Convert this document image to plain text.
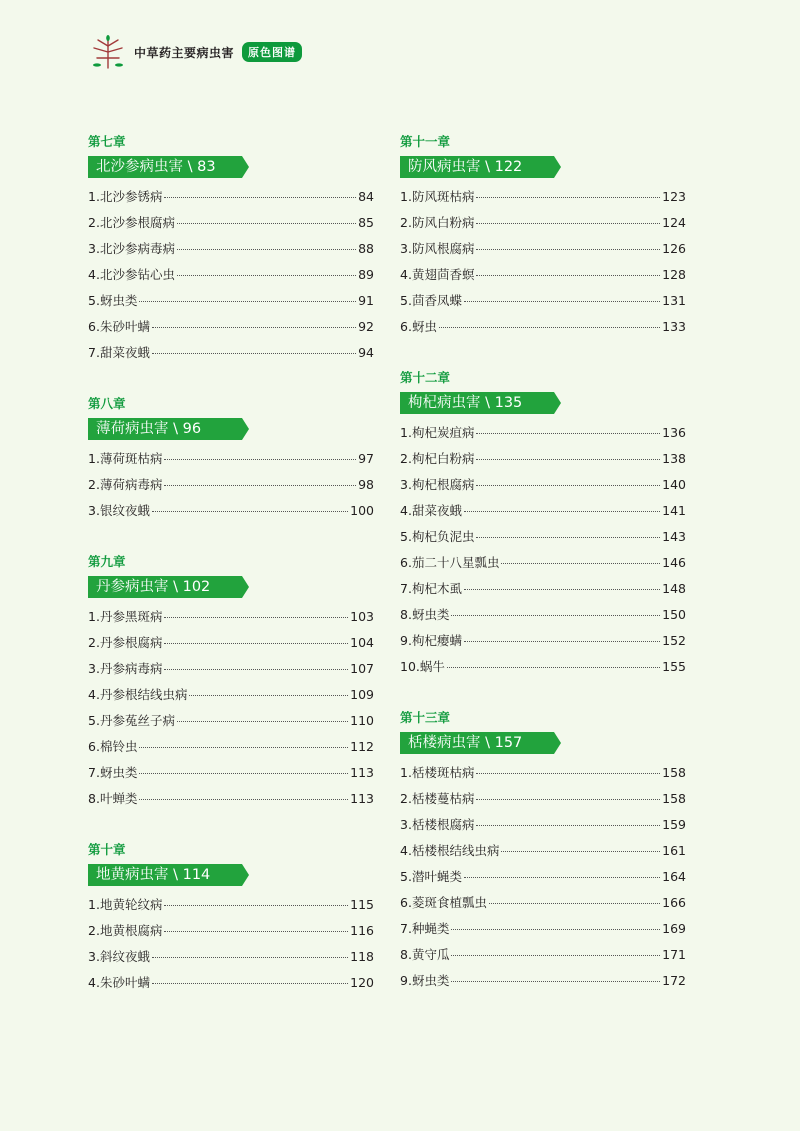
中草药主要病虫害	原色图谱
第七章
北沙参病虫害 \ 83
1. 北沙参锈病	84
2. 北沙参根腐病	85
3. 北沙参病毒病	88
4. 北沙参钻心虫	89
5. 蚜虫类	91
6. 朱砂叶螨	92
7. 甜菜夜蛾	94
第八章
薄荷病虫害 \ 96
1. 薄荷斑枯病	97
2. 薄荷病毒病	98
3. 银纹夜蛾	100
第九章
丹参病虫害 \ 102
1. 丹参黑斑病	103
2. 丹参根腐病	104
3. 丹参病毒病	107
4. 丹参根结线虫病	109
5. 丹参菟丝子病	110
6. 棉铃虫	112
7. 蚜虫类	113
8. 叶蝉类	113
第十章
地黄病虫害 \ 114
1. 地黄轮纹病	115
2. 地黄根腐病	116
3. 斜纹夜蛾	118
4. 朱砂叶螨	120
第十一章
防风病虫害 \ 122
1. 防风斑枯病	123
2. 防风白粉病	124
3. 防风根腐病	126
4. 黄翅茴香螟	128
5. 茴香凤蝶	131
6. 蚜虫	133
第十二章
枸杞病虫害 \ 135
1. 枸杞炭疽病	136
2. 枸杞白粉病	138
3. 枸杞根腐病	140
4. 甜菜夜蛾	141
5. 枸杞负泥虫	143
6. 茄二十八星瓢虫	146
7. 枸杞木虱	148
8. 蚜虫类	150
9. 枸杞瘿螨	152
10. 蜗牛	155
第十三章
栝楼病虫害 \ 157
1. 栝楼斑枯病	158
2. 栝楼蔓枯病	158
3. 栝楼根腐病	159
4. 栝楼根结线虫病	161
5. 潜叶蝇类	164
6. 菱斑食植瓢虫	166
7. 种蝇类	169
8. 黄守瓜	171
9. 蚜虫类	172
